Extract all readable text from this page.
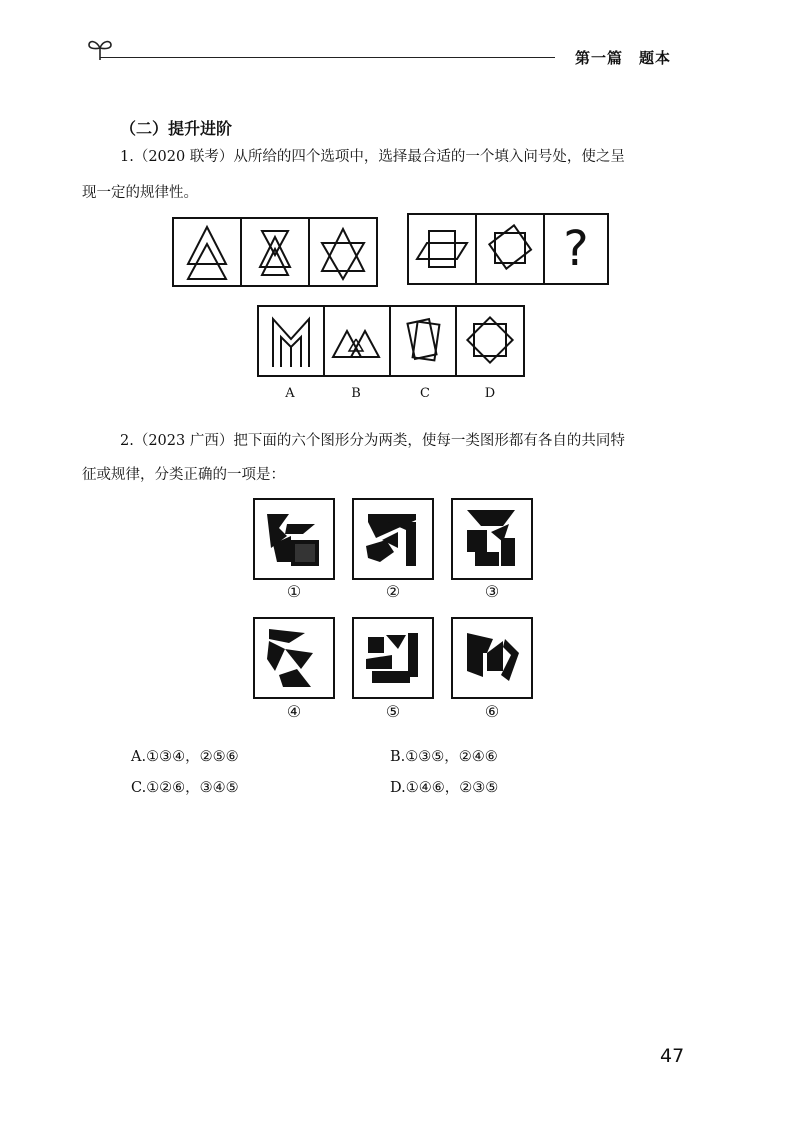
第一篇　题本
（二）提升进阶
1.（2020 联考）从所给的四个选项中，选择最合适的一个填入问号处，使之呈
现一定的规律性。
?
A	B	C	D
2.（2023 广西）把下面的六个图形分为两类，使每一类图形都有各自的共同特
征或规律，分类正确的一项是：
①	②	③
④	⑤	⑥
A.①③④，②⑤⑥	B.①③⑤，②④⑥
C.①②⑥，③④⑤	D.①④⑥，②③⑤
47
